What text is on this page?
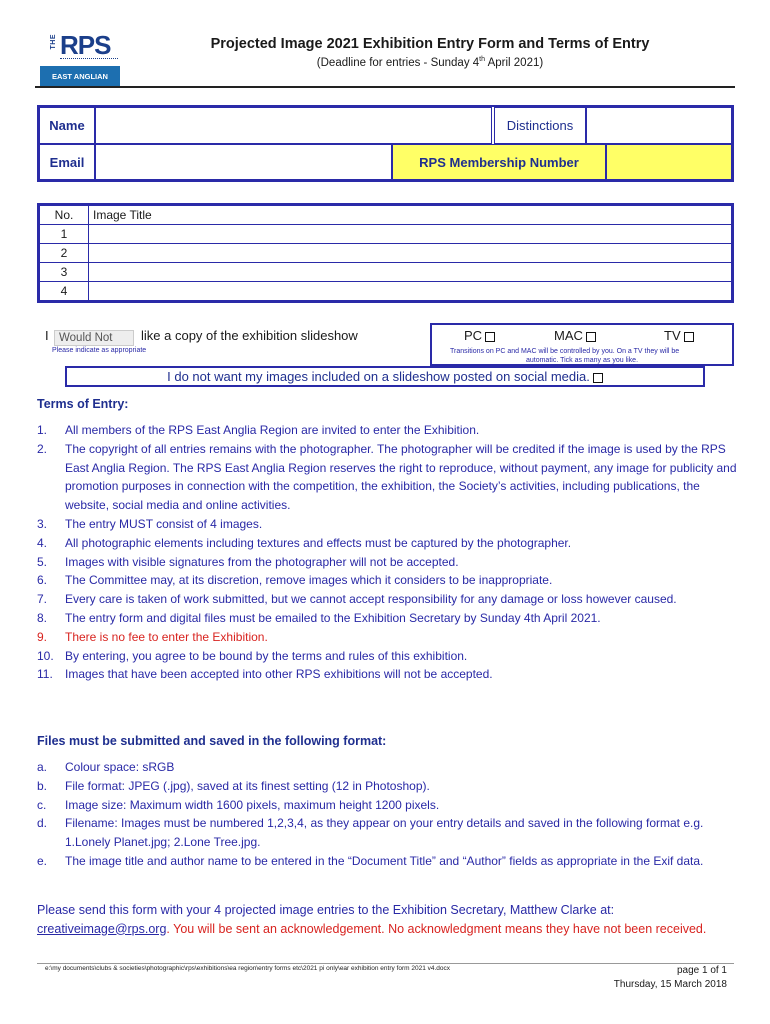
THE RPS
EAST ANGLIAN
Projected Image 2021 Exhibition Entry Form and Terms of Entry
(Deadline for entries - Sunday 4th April 2021)
Name	Distinctions
Email	RPS Membership Number
No.	Image Title
1	
2	
3	
4	
I Would Not	like a copy of the exhibition slideshow
Please indicate as appropriate
PC	MAC	TV
Transitions on PC and MAC will be controlled by you. On a TV they will be
automatic. Tick as many as you like.
I do not want my images included on a slideshow posted on social media.
Terms of Entry:
1. All members of the RPS East Anglia Region are invited to enter the Exhibition.
2. The copyright of all entries remains with the photographer. The photographer will be credited if the image is used by the RPS East Anglia Region. The RPS East Anglia Region reserves the right to reproduce, without payment, any image for publicity and promotion purposes in connection with the competition, the exhibition, the Society’s activities, including publications, the website, social media and online activities.
3. The entry MUST consist of 4 images.
4. All photographic elements including textures and effects must be captured by the photographer.
5. Images with visible signatures from the photographer will not be accepted.
6. The Committee may, at its discretion, remove images which it considers to be inappropriate.
7. Every care is taken of work submitted, but we cannot accept responsibility for any damage or loss however caused.
8. The entry form and digital files must be emailed to the Exhibition Secretary by Sunday 4th April 2021.
9. There is no fee to enter the Exhibition.
10. By entering, you agree to be bound by the terms and rules of this exhibition.
11. Images that have been accepted into other RPS exhibitions will not be accepted.
Files must be submitted and saved in the following format:
a. Colour space: sRGB
b. File format: JPEG (.jpg), saved at its finest setting (12 in Photoshop).
c. Image size: Maximum width 1600 pixels, maximum height 1200 pixels.
d. Filename: Images must be numbered 1,2,3,4, as they appear on your entry details and saved in the following format e.g. 1.Lonely Planet.jpg; 2.Lone Tree.jpg.
e. The image title and author name to be entered in the “Document Title” and “Author” fields as appropriate in the Exif data.
Please send this form with your 4 projected image entries to the Exhibition Secretary, Matthew Clarke at: creativeimage@rps.org. You will be sent an acknowledgement. No acknowledgment means they have not been received.
e:\my documents\clubs & societies\photographic\rps\exhibitions\ea region\entry forms etc\2021 pi only\ear exhibition entry form 2021 v4.docx	page 1 of 1
Thursday, 15 March 2018
